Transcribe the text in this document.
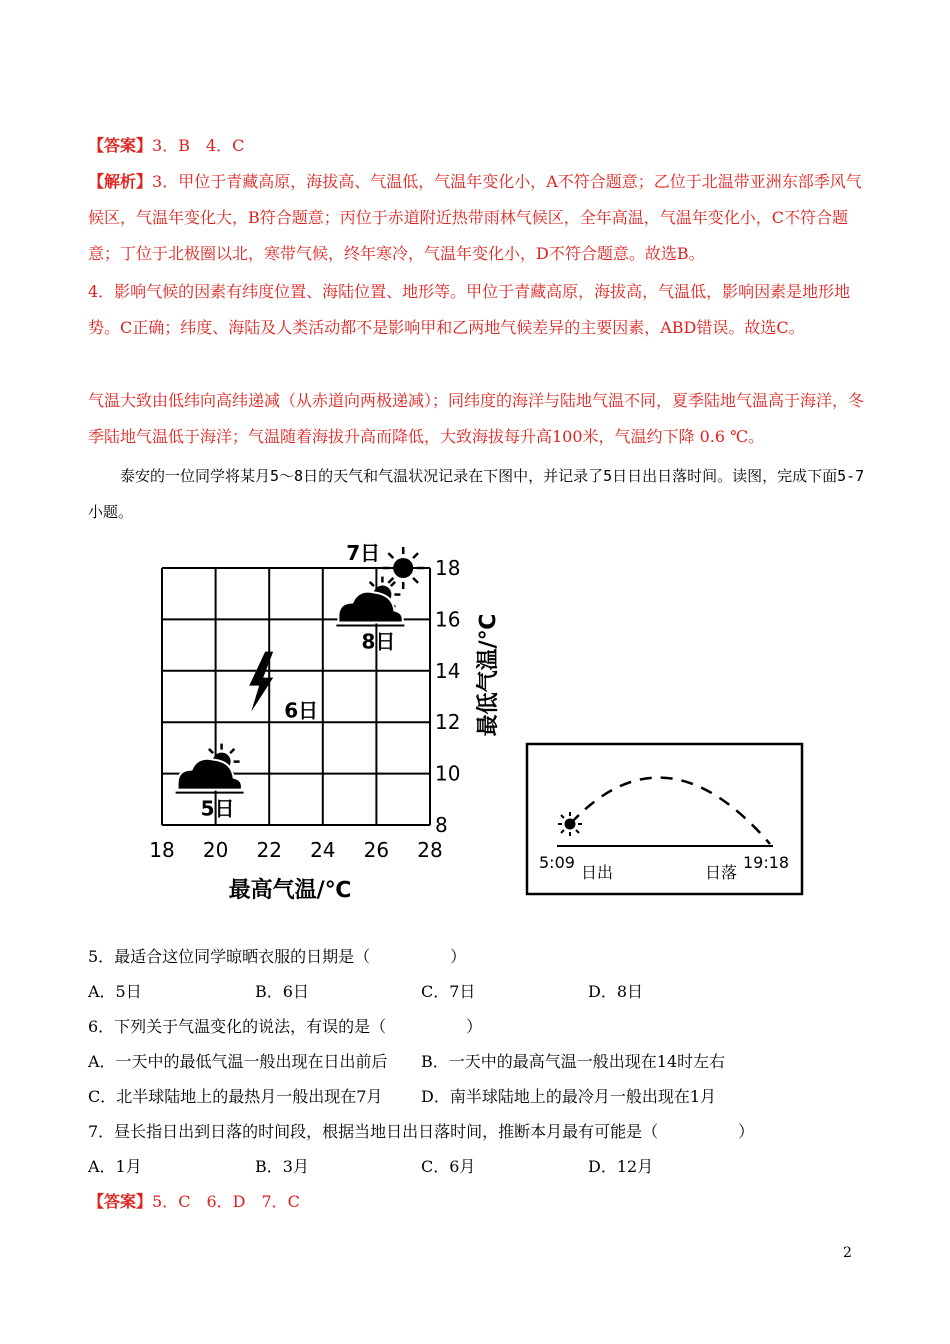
【答案】3．B　4．C
【解析】3．甲位于青藏高原，海拔高、气温低，气温年变化小，A不符合题意；乙位于北温带亚洲东部季风气候区，气温年变化大，B符合题意；丙位于赤道附近热带雨林气候区，全年高温，气温年变化小，C不符合题意；丁位于北极圈以北，寒带气候，终年寒冷，气温年变化小，D不符合题意。故选B。
4．影响气候的因素有纬度位置、海陆位置、地形等。甲位于青藏高原，海拔高，气温低，影响因素是地形地势。C正确；纬度、海陆及人类活动都不是影响甲和乙两地气候差异的主要因素，ABD错误。故选C。
气温大致由低纬向高纬递减（从赤道向两极递减）；同纬度的海洋与陆地气温不同，夏季陆地气温高于海洋，冬季陆地气温低于海洋；气温随着海拔升高而降低，大致海拔每升高100米，气温约下降 0.6 ℃。
泰安的一位同学将某月5～8日的天气和气温状况记录在下图中，并记录了5日日出日落时间。读图，完成下面5-7小题。
18 20 22 24 26 28
8
10
12
14
16
18
5日
6日
7日
8日
最高气温/℃
最低气温/℃
5:09
日出	日落
19:18
5．最适合这位同学晾晒衣服的日期是（　　　　　）
A．5日	B．6日	C．7日	D．8日
6．下列关于气温变化的说法，有误的是（　　　　　）
A．一天中的最低气温一般出现在日出前后 B．一天中的最高气温一般出现在14时左右
C．北半球陆地上的最热月一般出现在7月 D．南半球陆地上的最冷月一般出现在1月
7．昼长指日出到日落的时间段，根据当地日出日落时间，推断本月最有可能是（　　　　　）
A．1月	B．3月	C．6月	D．12月
【答案】5．C　6．D　7．C
2
